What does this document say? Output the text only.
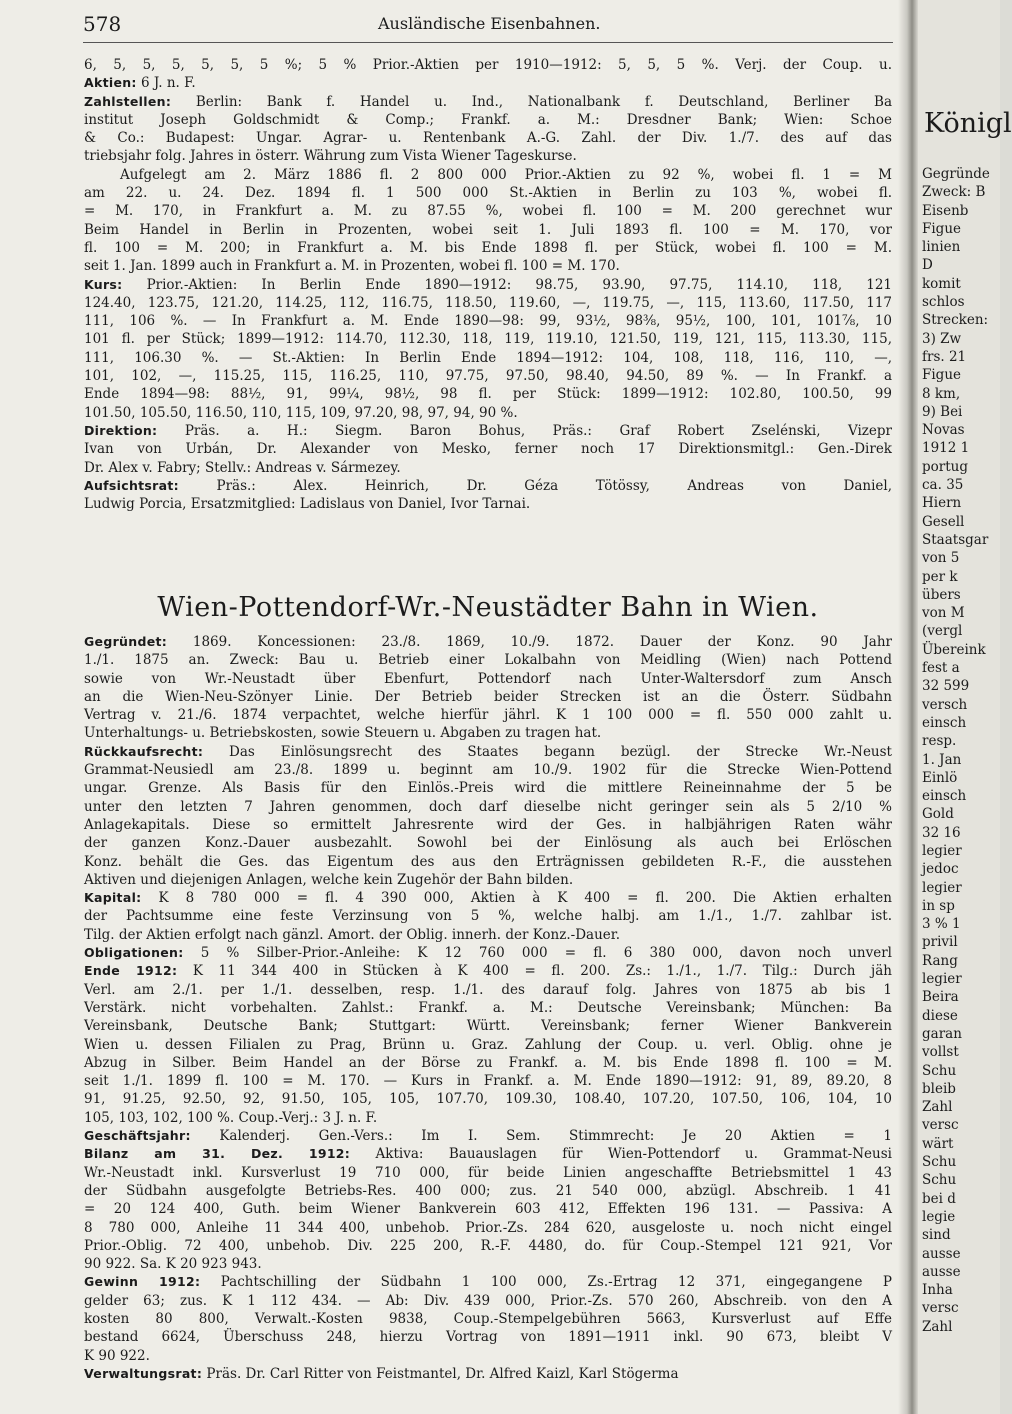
578	Ausländische Eisenbahnen.

6, 5, 5, 5, 5, 5, 5 %; 5 % Prior.-Aktien per 1910—1912: 5, 5, 5 %. Verj. der Coup. u.

Aktien: 6 J. n. F.

Zahlstellen: Berlin: Bank f. Handel u. Ind., Nationalbank f. Deutschland, Berliner Ba

institut Joseph Goldschmidt & Comp.; Frankf. a. M.: Dresdner Bank; Wien: Schoe

& Co.: Budapest: Ungar. Agrar- u. Rentenbank A.-G. Zahl. der Div. 1./7. des auf das

triebsjahr folg. Jahres in österr. Währung zum Vista Wiener Tageskurse.

Aufgelegt am 2. März 1886 fl. 2 800 000 Prior.-Aktien zu 92 %, wobei fl. 1 = M

am 22. u. 24. Dez. 1894 fl. 1 500 000 St.-Aktien in Berlin zu 103 %, wobei fl.

= M. 170, in Frankfurt a. M. zu 87.55 %, wobei fl. 100 = M. 200 gerechnet wur

Beim Handel in Berlin in Prozenten, wobei seit 1. Juli 1893 fl. 100 = M. 170, vor

fl. 100 = M. 200; in Frankfurt a. M. bis Ende 1898 fl. per Stück, wobei fl. 100 = M.

seit 1. Jan. 1899 auch in Frankfurt a. M. in Prozenten, wobei fl. 100 = M. 170.

Kurs: Prior.-Aktien: In Berlin Ende 1890—1912: 98.75, 93.90, 97.75, 114.10, 118, 121

124.40, 123.75, 121.20, 114.25, 112, 116.75, 118.50, 119.60, —, 119.75, —, 115, 113.60, 117.50, 117

111, 106 %. — In Frankfurt a. M. Ende 1890—98: 99, 93½, 98⅜, 95½, 100, 101, 101⅞, 10

101 fl. per Stück; 1899—1912: 114.70, 112.30, 118, 119, 119.10, 121.50, 119, 121, 115, 113.30, 115,

111, 106.30 %. — St.-Aktien: In Berlin Ende 1894—1912: 104, 108, 118, 116, 110, —,

101, 102, —, 115.25, 115, 116.25, 110, 97.75, 97.50, 98.40, 94.50, 89 %. — In Frankf. a

Ende 1894—98: 88½, 91, 99¼, 98½, 98 fl. per Stück: 1899—1912: 102.80, 100.50, 99

101.50, 105.50, 116.50, 110, 115, 109, 97.20, 98, 97, 94, 90 %.

Direktion: Präs. a. H.: Siegm. Baron Bohus, Präs.: Graf Robert Zselénski, Vizepr

Ivan von Urbán, Dr. Alexander von Mesko, ferner noch 17 Direktionsmitgl.: Gen.-Direk

Dr. Alex v. Fabry; Stellv.: Andreas v. Sármezey.

Aufsichtsrat: Präs.: Alex. Heinrich, Dr. Géza Tötössy, Andreas von Daniel,

Ludwig Porcia, Ersatzmitglied: Ladislaus von Daniel, Ivor Tarnai.

Wien-Pottendorf-Wr.-Neustädter Bahn in Wien.

Gegründet: 1869. Koncessionen: 23./8. 1869, 10./9. 1872. Dauer der Konz. 90 Jahr

1./1. 1875 an. Zweck: Bau u. Betrieb einer Lokalbahn von Meidling (Wien) nach Pottend

sowie von Wr.-Neustadt über Ebenfurt, Pottendorf nach Unter-Waltersdorf zum Ansch

an die Wien-Neu-Szönyer Linie. Der Betrieb beider Strecken ist an die Österr. Südbahn

Vertrag v. 21./6. 1874 verpachtet, welche hierfür jährl. K 1 100 000 = fl. 550 000 zahlt u.

Unterhaltungs- u. Betriebskosten, sowie Steuern u. Abgaben zu tragen hat.

Rückkaufsrecht: Das Einlösungsrecht des Staates begann bezügl. der Strecke Wr.-Neust

Grammat-Neusiedl am 23./8. 1899 u. beginnt am 10./9. 1902 für die Strecke Wien-Pottend

ungar. Grenze. Als Basis für den Einlös.-Preis wird die mittlere Reineinnahme der 5 be

unter den letzten 7 Jahren genommen, doch darf dieselbe nicht geringer sein als 5 2/10 %

Anlagekapitals. Diese so ermittelt Jahresrente wird der Ges. in halbjährigen Raten währ

der ganzen Konz.-Dauer ausbezahlt. Sowohl bei der Einlösung als auch bei Erlöschen

Konz. behält die Ges. das Eigentum des aus den Erträgnissen gebildeten R.-F., die ausstehen

Aktiven und diejenigen Anlagen, welche kein Zugehör der Bahn bilden.

Kapital: K 8 780 000 = fl. 4 390 000, Aktien à K 400 = fl. 200. Die Aktien erhalten

der Pachtsumme eine feste Verzinsung von 5 %, welche halbj. am 1./1., 1./7. zahlbar ist.

Tilg. der Aktien erfolgt nach gänzl. Amort. der Oblig. innerh. der Konz.-Dauer.

Obligationen: 5 % Silber-Prior.-Anleihe: K 12 760 000 = fl. 6 380 000, davon noch unverl

Ende 1912: K 11 344 400 in Stücken à K 400 = fl. 200. Zs.: 1./1., 1./7. Tilg.: Durch jäh

Verl. am 2./1. per 1./1. desselben, resp. 1./1. des darauf folg. Jahres von 1875 ab bis 1

Verstärk. nicht vorbehalten. Zahlst.: Frankf. a. M.: Deutsche Vereinsbank; München: Ba

Vereinsbank, Deutsche Bank; Stuttgart: Württ. Vereinsbank; ferner Wiener Bankverein

Wien u. dessen Filialen zu Prag, Brünn u. Graz. Zahlung der Coup. u. verl. Oblig. ohne je

Abzug in Silber. Beim Handel an der Börse zu Frankf. a. M. bis Ende 1898 fl. 100 = M.

seit 1./1. 1899 fl. 100 = M. 170. — Kurs in Frankf. a. M. Ende 1890—1912: 91, 89, 89.20, 8

91, 91.25, 92.50, 92, 91.50, 105, 105, 107.70, 109.30, 108.40, 107.20, 107.50, 106, 104, 10

105, 103, 102, 100 %. Coup.-Verj.: 3 J. n. F.

Geschäftsjahr: Kalenderj. Gen.-Vers.: Im I. Sem. Stimmrecht: Je 20 Aktien = 1

Bilanz am 31. Dez. 1912: Aktiva: Bauauslagen für Wien-Pottendorf u. Grammat-Neusi

Wr.-Neustadt inkl. Kursverlust 19 710 000, für beide Linien angeschaffte Betriebsmittel 1 43

der Südbahn ausgefolgte Betriebs-Res. 400 000; zus. 21 540 000, abzügl. Abschreib. 1 41

= 20 124 400, Guth. beim Wiener Bankverein 603 412, Effekten 196 131. — Passiva: A

8 780 000, Anleihe 11 344 400, unbehob. Prior.-Zs. 284 620, ausgeloste u. noch nicht eingel

Prior.-Oblig. 72 400, unbehob. Div. 225 200, R.-F. 4480, do. für Coup.-Stempel 121 921, Vor

90 922. Sa. K 20 923 943.

Gewinn 1912: Pachtschilling der Südbahn 1 100 000, Zs.-Ertrag 12 371, eingegangene P

gelder 63; zus. K 1 112 434. — Ab: Div. 439 000, Prior.-Zs. 570 260, Abschreib. von den A

kosten 80 800, Verwalt.-Kosten 9838, Coup.-Stempelgebühren 5663, Kursverlust auf Effe

bestand 6624, Überschuss 248, hierzu Vortrag von 1891—1911 inkl. 90 673, bleibt V

K 90 922.

Verwaltungsrat: Präs. Dr. Carl Ritter von Feistmantel, Dr. Alfred Kaizl, Karl Stögerma

Königl
Gegründe
Zweck: B
Eisenb
Figue
linien
D
komit
schlos
Strecken:
3) Zw
frs. 21
Figue
8 km,
9) Bei
Novas
1912 1
portug
ca. 35
Hiern
Gesell
Staatsgar
von 5
per k
übers
von M
(vergl
Übereink
fest a
32 599
versch
einsch
resp.
1. Jan
Einlö
einsch
Gold
32 16
legier
jedoc
legier
in sp
3 % 1
privil
Rang
legier
Beira
diese
garan
vollst
Schu
bleib
Zahl
versc
wärt
Schu
Schu
bei d
legie
sind
ausse
ausse
Inha
versc
Zahl
